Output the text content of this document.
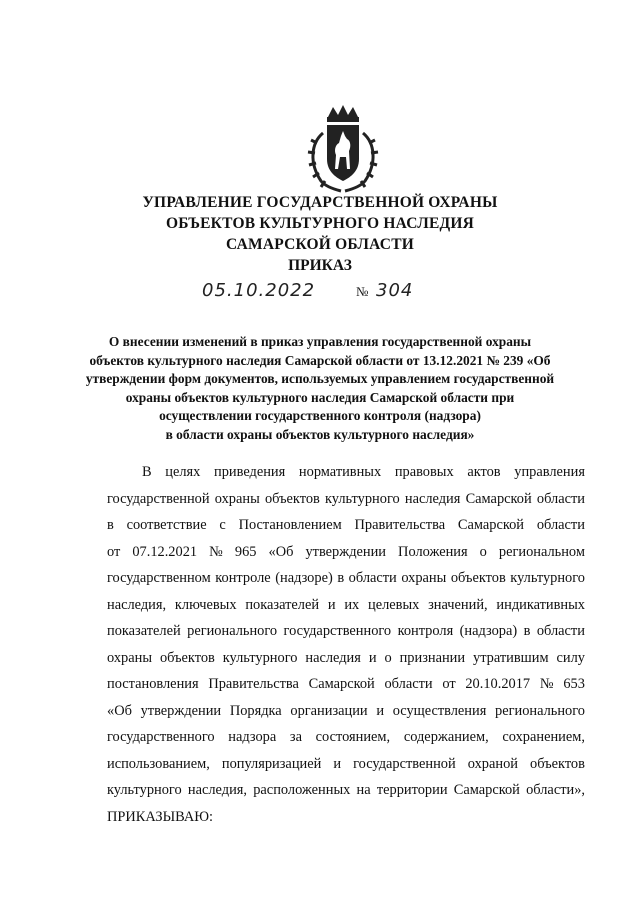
УПРАВЛЕНИЕ ГОСУДАРСТВЕННОЙ ОХРАНЫ
ОБЪЕКТОВ КУЛЬТУРНОГО НАСЛЕДИЯ
САМАРСКОЙ ОБЛАСТИ
ПРИКАЗ
05.10.2022	№ 304
О внесении изменений в приказ управления государственной охраны
объектов культурного наследия Самарской области от 13.12.2021 № 239 «Об
утверждении форм документов, используемых управлением государственной
охраны объектов культурного наследия Самарской области при
осуществлении государственного контроля (надзора)
в области охраны объектов культурного наследия»
В целях приведения нормативных правовых актов управления
государственной охраны объектов культурного наследия Самарской области
в соответствие с Постановлением Правительства Самарской области
от 07.12.2021 № 965 «Об утверждении Положения о региональном
государственном контроле (надзоре) в области охраны объектов культурного
наследия, ключевых показателей и их целевых значений, индикативных
показателей регионального государственного контроля (надзора) в области
охраны объектов культурного наследия и о признании утратившим силу
постановления Правительства Самарской области от 20.10.2017 № 653
«Об утверждении Порядка организации и осуществления регионального
государственного надзора за состоянием, содержанием, сохранением,
использованием, популяризацией и государственной охраной объектов
культурного наследия, расположенных на территории Самарской области»,
ПРИКАЗЫВАЮ:
